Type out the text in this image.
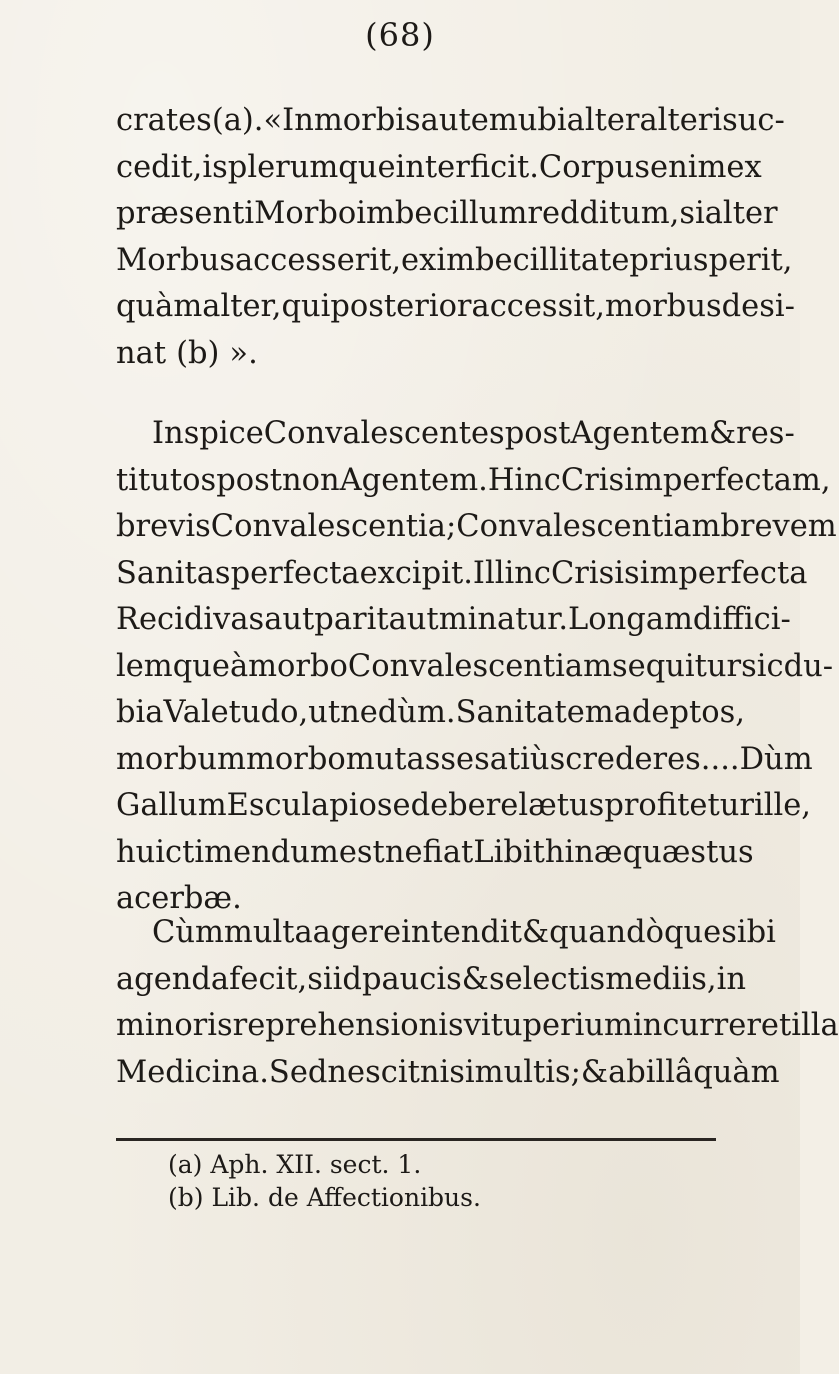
(68)
crates (a). « In morbis autem ubi alter alteri suc-
cedit, is plerumque interficit. Corpus enim ex
præsenti Morbo imbecillum redditum, si alter
Morbus accesserit, ex imbecillitate prius perit,
quàm alter, qui posterior accessit, morbus desi-
nat (b) ».
Inspice Convalescentes post Agentem & res-
titutos post non Agentem. Hinc Crisim perfectam,
brevis Convalescentia; Convalescentiam brevem
Sanitas perfecta excipit. Illinc Crisis imperfecta
Recidivas aut parit aut minatur. Longam diffici-
lemque à morbo Convalescentiam sequitur sic du-
bia Valetudo, ut nedùm. Sanitatem adeptos,
morbum morbo mutasse satiùs crederes.... Dùm
Gallum Esculapio se debere lætus profitetur ille,
huic timendum est ne fiat Libithinæ quæstus
acerbæ.
Cùm multa agere intendit & quandòque sibi
agenda fecit, si id paucis & selectis mediis, in
minoris reprehensionis vituperium incurreret illa
Medicina. Sed nescit nisi multis; & ab illâ quàm
(a) Aph. XII. sect. 1.
(b) Lib. de Affectionibus.
